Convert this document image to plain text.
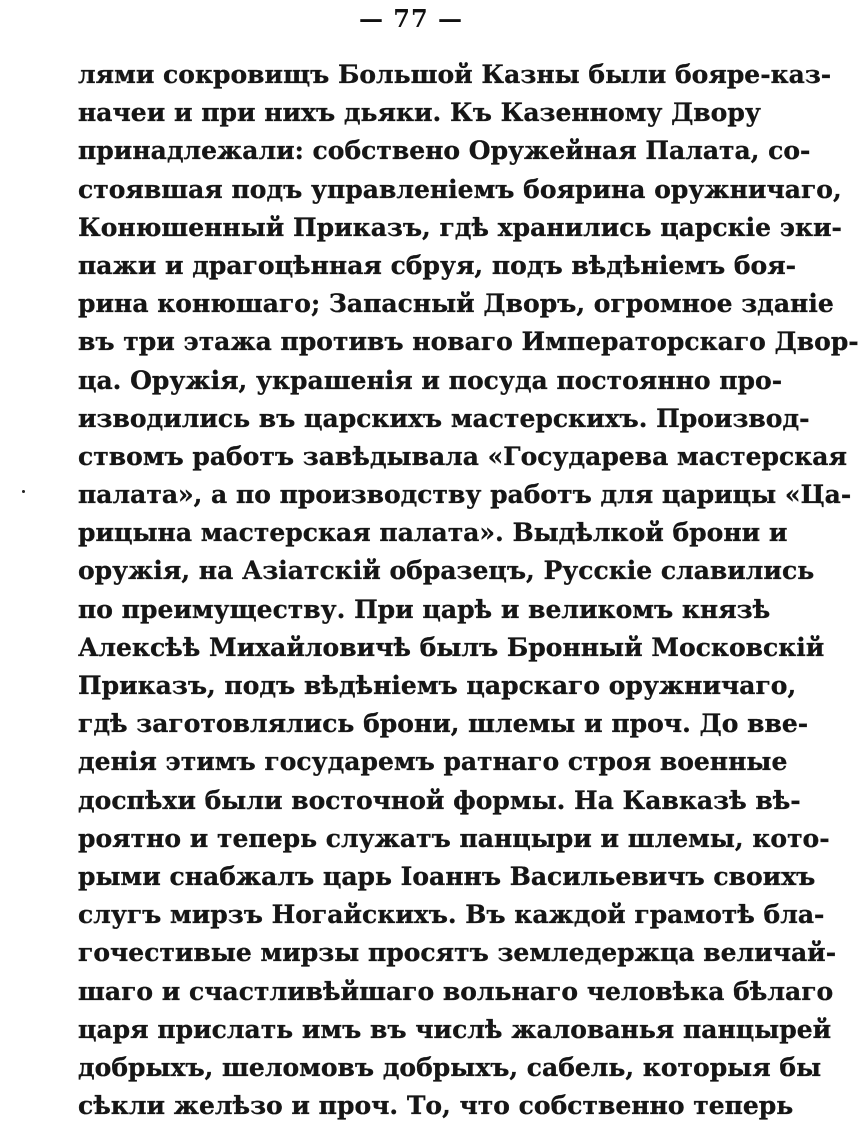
— 77 —
лями сокровищъ Большой Казны были бояре-каз-
начеи и при нихъ дьяки. Къ Казенному Двору
принадлежали: собствено Оружейная Палата, со-
стоявшая подъ управленіемъ боярина оружничаго,
Конюшенный Приказъ, гдѣ хранились царскіе эки-
пажи и драгоцѣнная сбруя, подъ вѣдѣніемъ боя-
рина конюшаго; Запасный Дворъ, огромное зданіе
въ три этажа противъ новаго Императорскаго Двор-
ца. Оружія, украшенія и посуда постоянно про-
изводились въ царскихъ мастерскихъ. Производ-
ствомъ работъ завѣдывала «Государева мастерская
палата», а по производству работъ для царицы «Ца-
рицына мастерская палата». Выдѣлкой брони и
оружія, на Азіатскій образецъ, Русскіе славились
по преимуществу. При царѣ и великомъ князѣ
Алексѣѣ Михайловичѣ былъ Бронный Московскій
Приказъ, подъ вѣдѣніемъ царскаго оружничаго,
гдѣ заготовлялись брони, шлемы и проч. До вве-
денія этимъ государемъ ратнаго строя военные
доспѣхи были восточной формы. На Кавказѣ вѣ-
роятно и теперь служатъ панцыри и шлемы, кото-
рыми снабжалъ царь Іоаннъ Васильевичъ своихъ
слугъ мирзъ Ногайскихъ. Въ каждой грамотѣ бла-
гочестивые мирзы просятъ земледержца величай-
шаго и счастливѣйшаго вольнаго человѣка бѣлаго
царя прислать имъ въ числѣ жалованья панцырей
добрыхъ, шеломовъ добрыхъ, сабель, которыя бы
сѣкли желѣзо и проч. То, что собственно теперь
